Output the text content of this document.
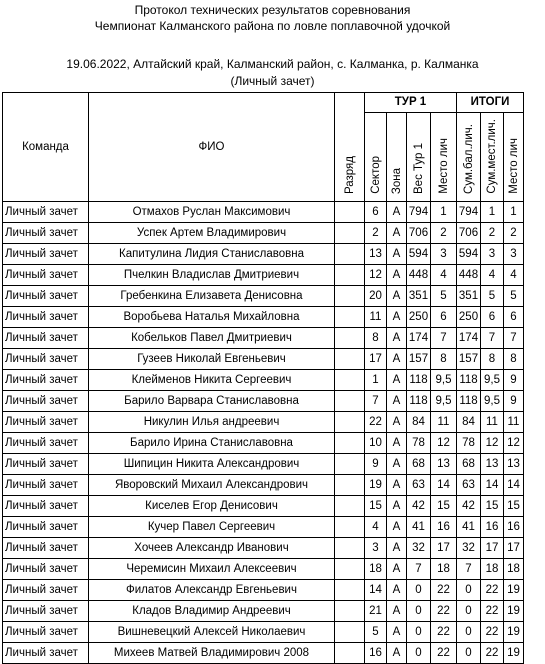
Протокол технических результатов соревнования
Чемпионат Калманского района по ловле поплавочной удочкой
19.06.2022, Алтайский край, Калманский район, с. Калманка, р. Калманка
(Личный зачет)
Команда	ФИО	Разряд	ТУР 1				ИТОГИ		
			Сектор	Зона	Вес Тур 1	Место лич	Сум.бал.лич.	Сум.мест.лич.	Место лич
Личный зачет	Отмахов Руслан Максимович		6	А	794	1	794	1	1
Личный зачет	Успек Артем Владимирович		2	А	706	2	706	2	2
Личный зачет	Капитулина Лидия Станиславовна		13	А	594	3	594	3	3
Личный зачет	Пчелкин Владислав Дмитриевич		12	А	448	4	448	4	4
Личный зачет	Гребенкина Елизавета Денисовна		20	А	351	5	351	5	5
Личный зачет	Воробьева Наталья Михайловна		11	А	250	6	250	6	6
Личный зачет	Кобельков Павел Дмитриевич		8	А	174	7	174	7	7
Личный зачет	Гузеев Николай Евгеньевич		17	А	157	8	157	8	8
Личный зачет	Клейменов Никита Сергеевич		1	А	118	9,5	118	9,5	9
Личный зачет	Барило Варвара Станиславовна		7	А	118	9,5	118	9,5	9
Личный зачет	Никулин Илья андреевич		22	А	84	11	84	11	11
Личный зачет	Барило Ирина Станиславовна		10	А	78	12	78	12	12
Личный зачет	Шипицин Никита Александрович		9	А	68	13	68	13	13
Личный зачет	Яворовский Михаил Александрович		19	А	63	14	63	14	14
Личный зачет	Киселев Егор Денисович		15	А	42	15	42	15	15
Личный зачет	Кучер Павел Сергеевич		4	А	41	16	41	16	16
Личный зачет	Хочеев Александр Иванович		3	А	32	17	32	17	17
Личный зачет	Черемисин Михаил Алексеевич		18	А	7	18	7	18	18
Личный зачет	Филатов Александр Евгеньевич		14	А	0	22	0	22	19
Личный зачет	Кладов Владимир Андреевич		21	А	0	22	0	22	19
Личный зачет	Вишневецкий Алексей Николаевич		5	А	0	22	0	22	19
Личный зачет	Михеев Матвей Владимирович 2008		16	А	0	22	0	22	19
